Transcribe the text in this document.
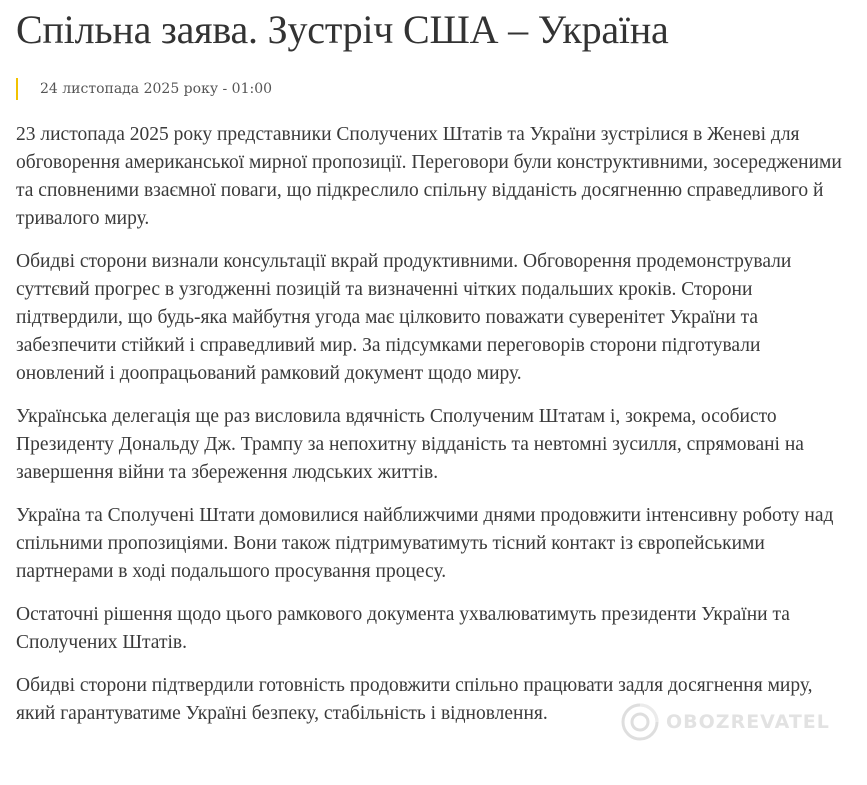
Спільна заява. Зустріч США – Україна
24 листопада 2025 року - 01:00

23 листопада 2025 року представники Сполучених Штатів та України зустрілися в Женеві для обговорення американської мирної пропозиції. Переговори були конструктивними, зосередженими та сповненими взаємної поваги, що підкреслило спільну відданість досягненню справедливого й тривалого миру.

Обидві сторони визнали консультації вкрай продуктивними. Обговорення продемонстрували суттєвий прогрес в узгодженні позицій та визначенні чітких подальших кроків. Сторони підтвердили, що будь-яка майбутня угода має цілковито поважати суверенітет України та забезпечити стійкий і справедливий мир. За підсумками переговорів сторони підготували оновлений і доопрацьований рамковий документ щодо миру.

Українська делегація ще раз висловила вдячність Сполученим Штатам і, зокрема, особисто Президенту Дональду Дж. Трампу за непохитну відданість та невтомні зусилля, спрямовані на завершення війни та збереження людських життів.

Україна та Сполучені Штати домовилися найближчими днями продовжити інтенсивну роботу над спільними пропозиціями. Вони також підтримуватимуть тісний контакт із європейськими партнерами в ході подальшого просування процесу.

Остаточні рішення щодо цього рамкового документа ухвалюватимуть президенти України та Сполучених Штатів.

Обидві сторони підтвердили готовність продовжити спільно працювати задля досягнення миру, який гарантуватиме Україні безпеку, стабільність і відновлення.	OBOZREVATEL
